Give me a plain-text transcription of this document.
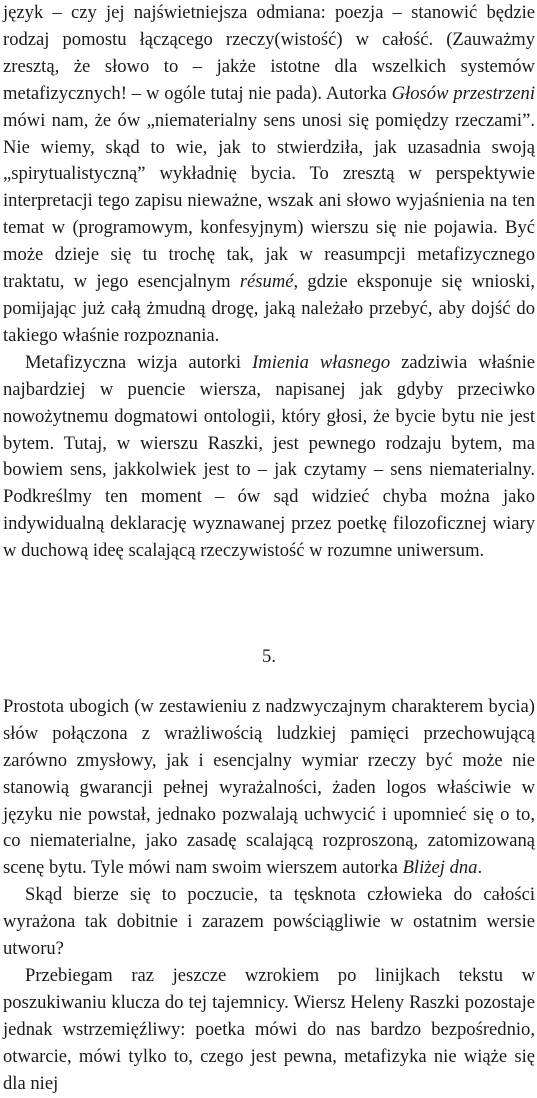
język – czy jej najświetniejsza odmiana: poezja – stanowić będzie rodzaj pomostu łączącego rzeczy(wistość) w całość. (Zauważmy zresztą, że słowo to – jakże istotne dla wszelkich systemów metafizycznych! – w ogóle tutaj nie pada). Autorka Głosów przestrzeni mówi nam, że ów „niematerialny sens unosi się pomiędzy rzeczami”. Nie wiemy, skąd to wie, jak to stwierdziła, jak uzasadnia swoją „spirytualistyczną” wykładnię bycia. To zresztą w perspektywie interpretacji tego zapisu nieważne, wszak ani słowo wyjaśnienia na ten temat w (programowym, konfesyjnym) wierszu się nie pojawia. Być może dzieje się tu trochę tak, jak w reasumpcji metafizycznego traktatu, w jego esencjalnym résumé, gdzie eksponuje się wnioski, pomijając już całą żmudną drogę, jaką należało przebyć, aby dojść do takiego właśnie rozpoznania.

Metafizyczna wizja autorki Imienia własnego zadziwia właśnie najbardziej w puencie wiersza, napisanej jak gdyby przeciwko nowożytnemu dogmatowi ontologii, który głosi, że bycie bytu nie jest bytem. Tutaj, w wierszu Raszki, jest pewnego rodzaju bytem, ma bowiem sens, jakkolwiek jest to – jak czytamy – sens niematerialny. Podkreślmy ten moment – ów sąd widzieć chyba można jako indywidualną deklarację wyznawanej przez poetkę filozoficznej wiary w duchową ideę scalającą rzeczywistość w rozumne uniwersum.

5.

Prostota ubogich (w zestawieniu z nadzwyczajnym charakterem bycia) słów połączona z wrażliwością ludzkiej pamięci przechowującą zarówno zmysłowy, jak i esencjalny wymiar rzeczy być może nie stanowią gwarancji pełnej wyrażalności, żaden logos właściwie w języku nie powstał, jednako pozwalają uchwycić i upomnieć się o to, co niematerialne, jako zasadę scalającą rozproszoną, zatomizowaną scenę bytu. Tyle mówi nam swoim wierszem autorka Bliżej dna.

Skąd bierze się to poczucie, ta tęsknota człowieka do całości wyrażona tak dobitnie i zarazem powściągliwie w ostatnim wersie utworu?

Przebiegam raz jeszcze wzrokiem po linijkach tekstu w poszukiwaniu klucza do tej tajemnicy. Wiersz Heleny Raszki pozostaje jednak wstrzemięźliwy: poetka mówi do nas bardzo bezpośrednio, otwarcie, mówi tylko to, czego jest pewna, metafizyka nie wiąże się dla niej
